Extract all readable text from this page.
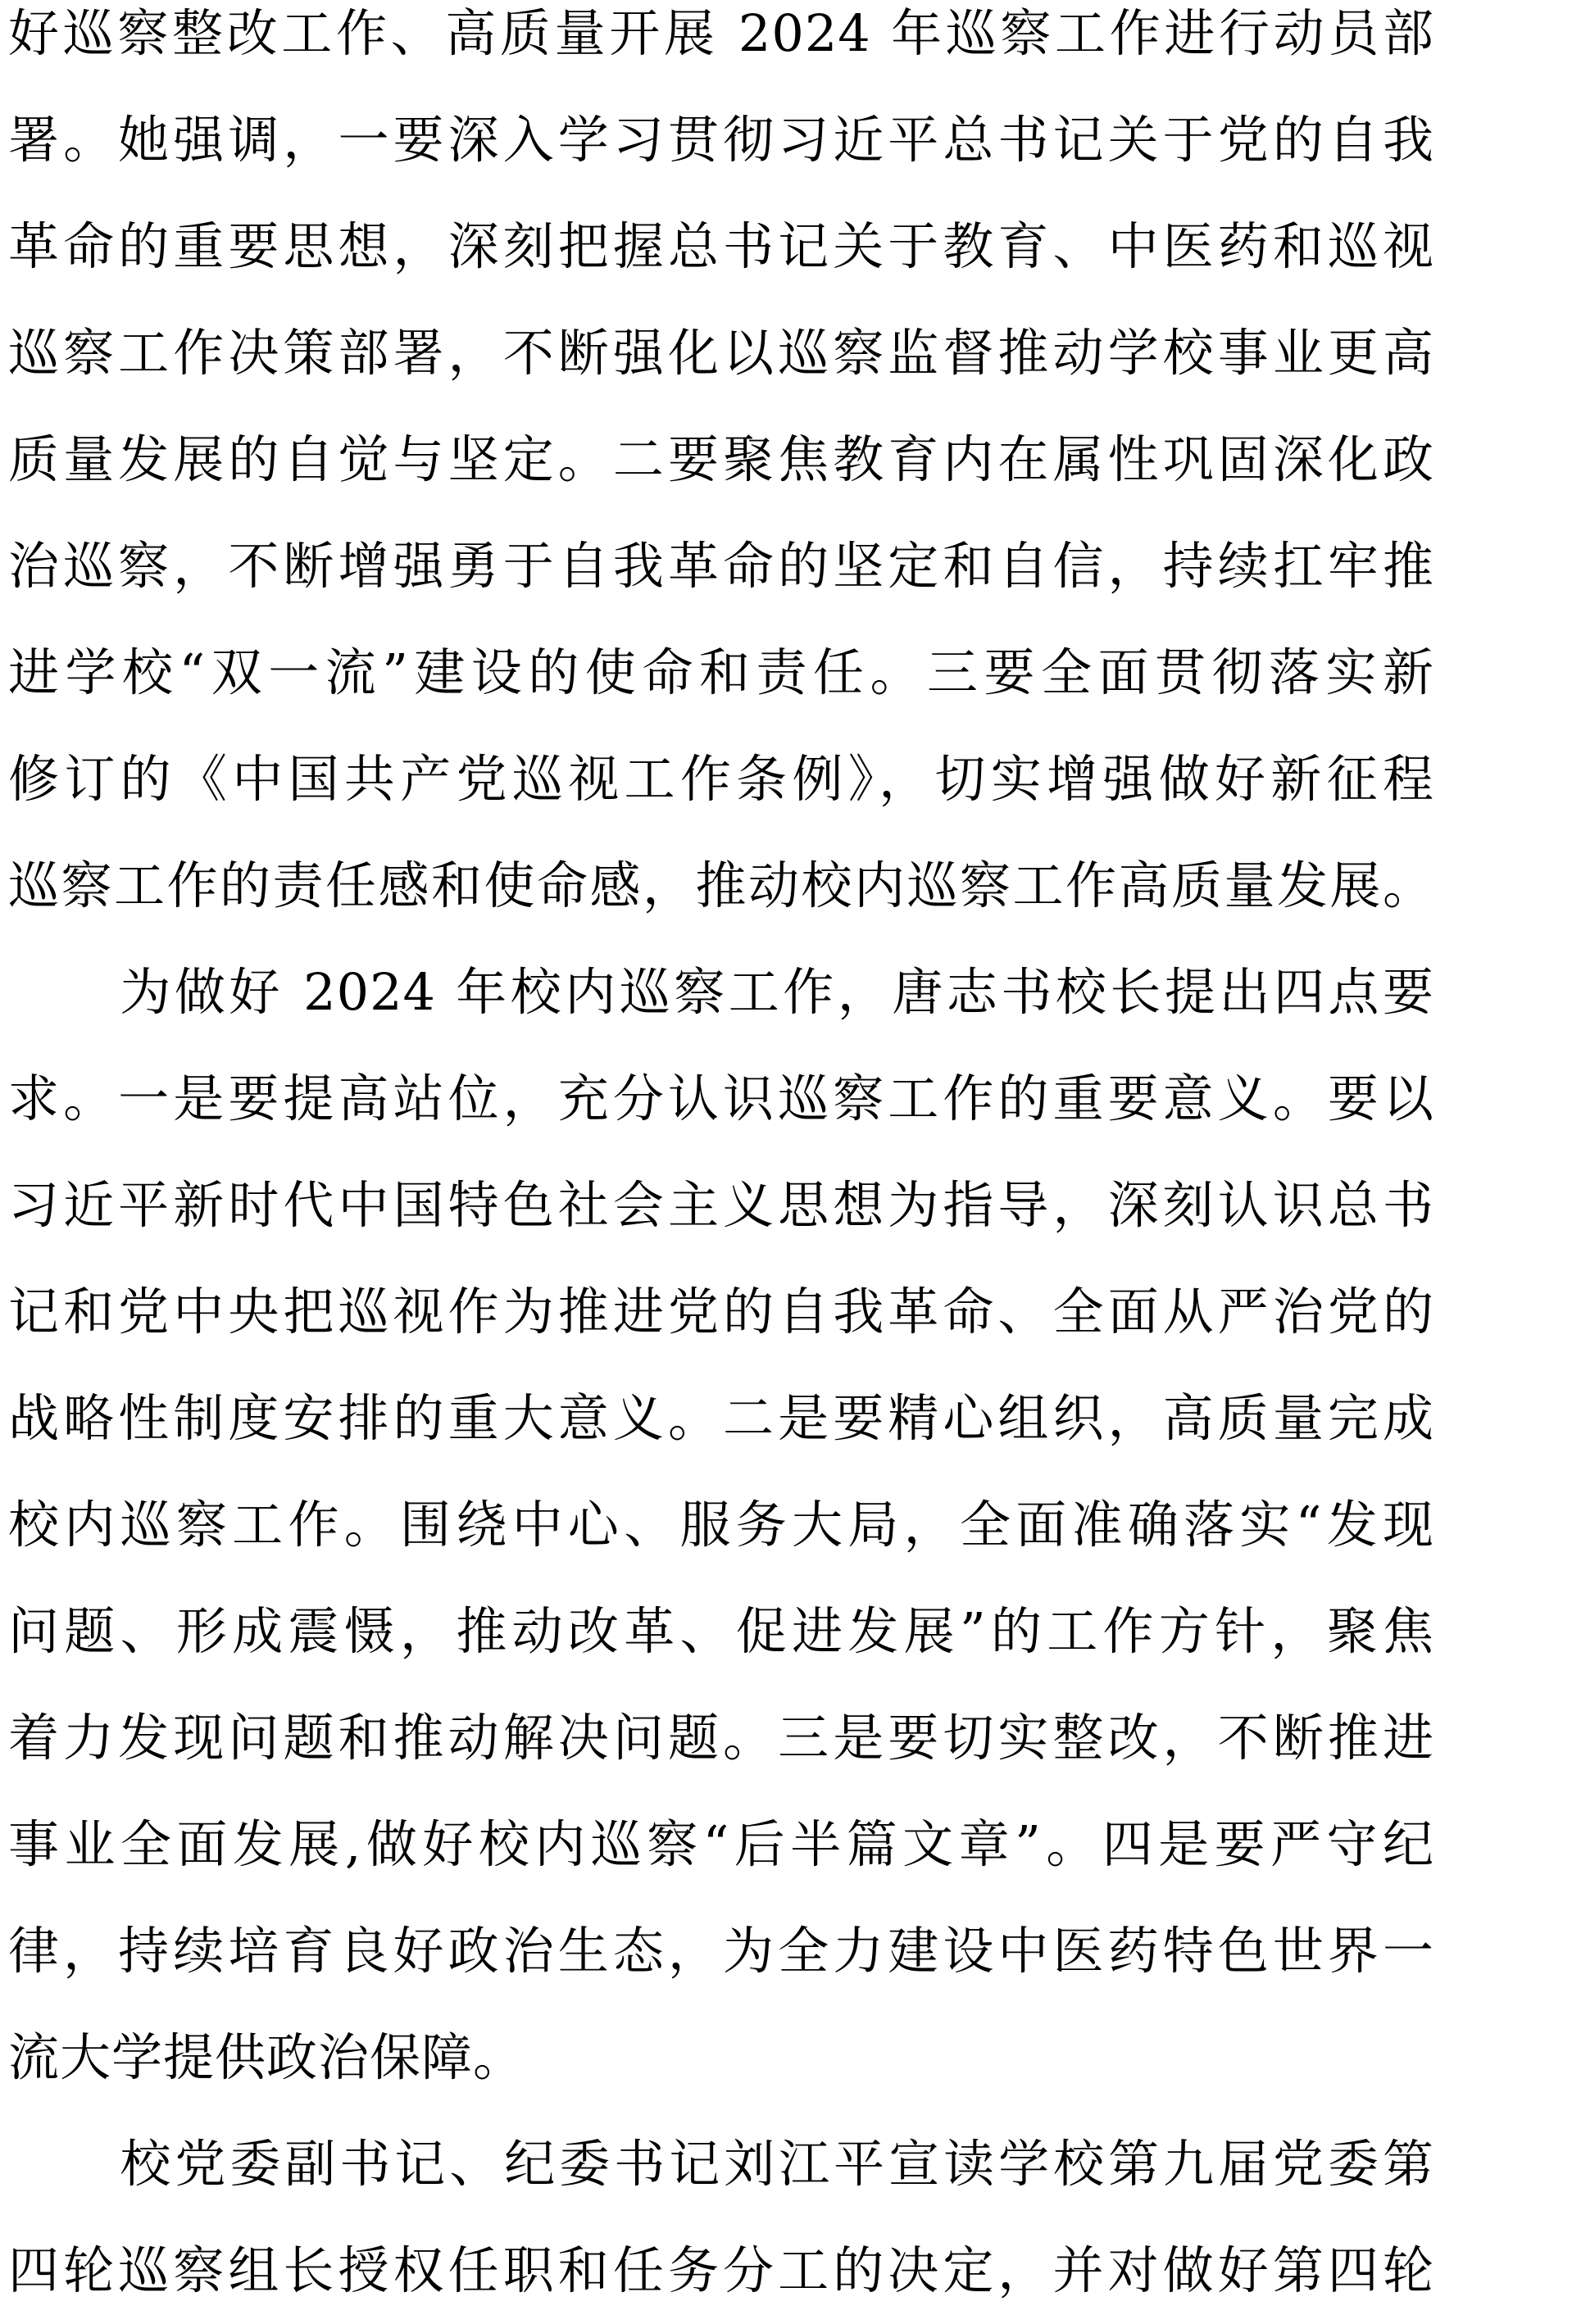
好巡察整改工作、高质量开展 2024 年巡察工作进行动员部
署。她强调，一要深入学习贯彻习近平总书记关于党的自我
革命的重要思想，深刻把握总书记关于教育、中医药和巡视
巡察工作决策部署，不断强化以巡察监督推动学校事业更高
质量发展的自觉与坚定。二要聚焦教育内在属性巩固深化政
治巡察，不断增强勇于自我革命的坚定和自信，持续扛牢推
进学校“双一流”建设的使命和责任。三要全面贯彻落实新
修订的《中国共产党巡视工作条例》，切实增强做好新征程
巡察工作的责任感和使命感，推动校内巡察工作高质量发展。
为做好 2024 年校内巡察工作，唐志书校长提出四点要
求。一是要提高站位，充分认识巡察工作的重要意义。要以
习近平新时代中国特色社会主义思想为指导，深刻认识总书
记和党中央把巡视作为推进党的自我革命、全面从严治党的
战略性制度安排的重大意义。二是要精心组织，高质量完成
校内巡察工作。围绕中心、服务大局，全面准确落实“发现
问题、形成震慑，推动改革、促进发展”的工作方针，聚焦
着力发现问题和推动解决问题。三是要切实整改，不断推进
事业全面发展,做好校内巡察“后半篇文章”。四是要严守纪
律，持续培育良好政治生态，为全力建设中医药特色世界一
流大学提供政治保障。
校党委副书记、纪委书记刘江平宣读学校第九届党委第
四轮巡察组长授权任职和任务分工的决定，并对做好第四轮
